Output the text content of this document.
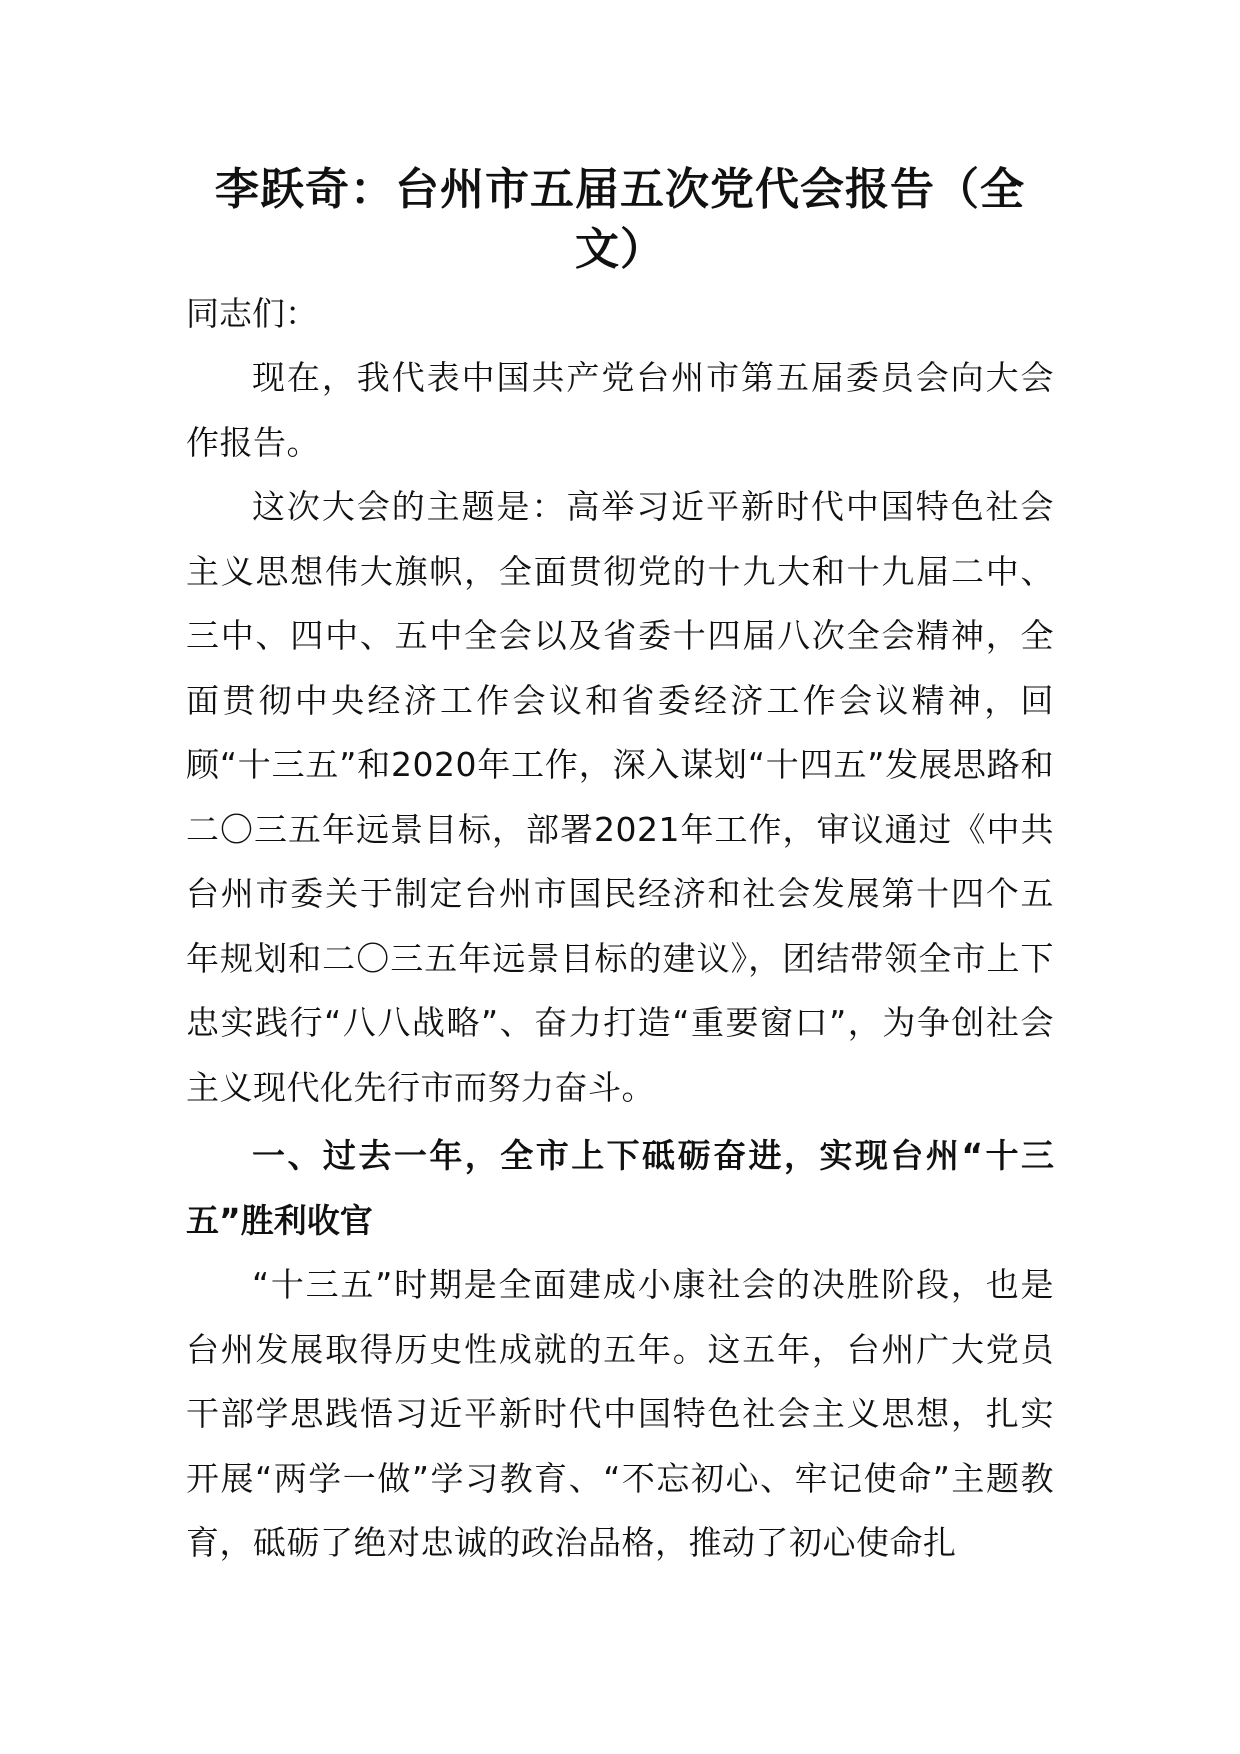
李跃奇：台州市五届五次党代会报告（全文）

同志们：

现在，我代表中国共产党台州市第五届委员会向大会作报告。

这次大会的主题是：高举习近平新时代中国特色社会主义思想伟大旗帜，全面贯彻党的十九大和十九届二中、三中、四中、五中全会以及省委十四届八次全会精神，全面贯彻中央经济工作会议和省委经济工作会议精神，回顾“十三五”和2020年工作，深入谋划“十四五”发展思路和二〇三五年远景目标，部署2021年工作，审议通过《中共台州市委关于制定台州市国民经济和社会发展第十四个五年规划和二〇三五年远景目标的建议》，团结带领全市上下忠实践行“八八战略”、奋力打造“重要窗口”，为争创社会主义现代化先行市而努力奋斗。

一、过去一年，全市上下砥砺奋进，实现台州“十三五”胜利收官

“十三五”时期是全面建成小康社会的决胜阶段，也是台州发展取得历史性成就的五年。这五年，台州广大党员干部学思践悟习近平新时代中国特色社会主义思想，扎实开展“两学一做”学习教育、“不忘初心、牢记使命”主题教育，砥砺了绝对忠诚的政治品格，推动了初心使命扎
